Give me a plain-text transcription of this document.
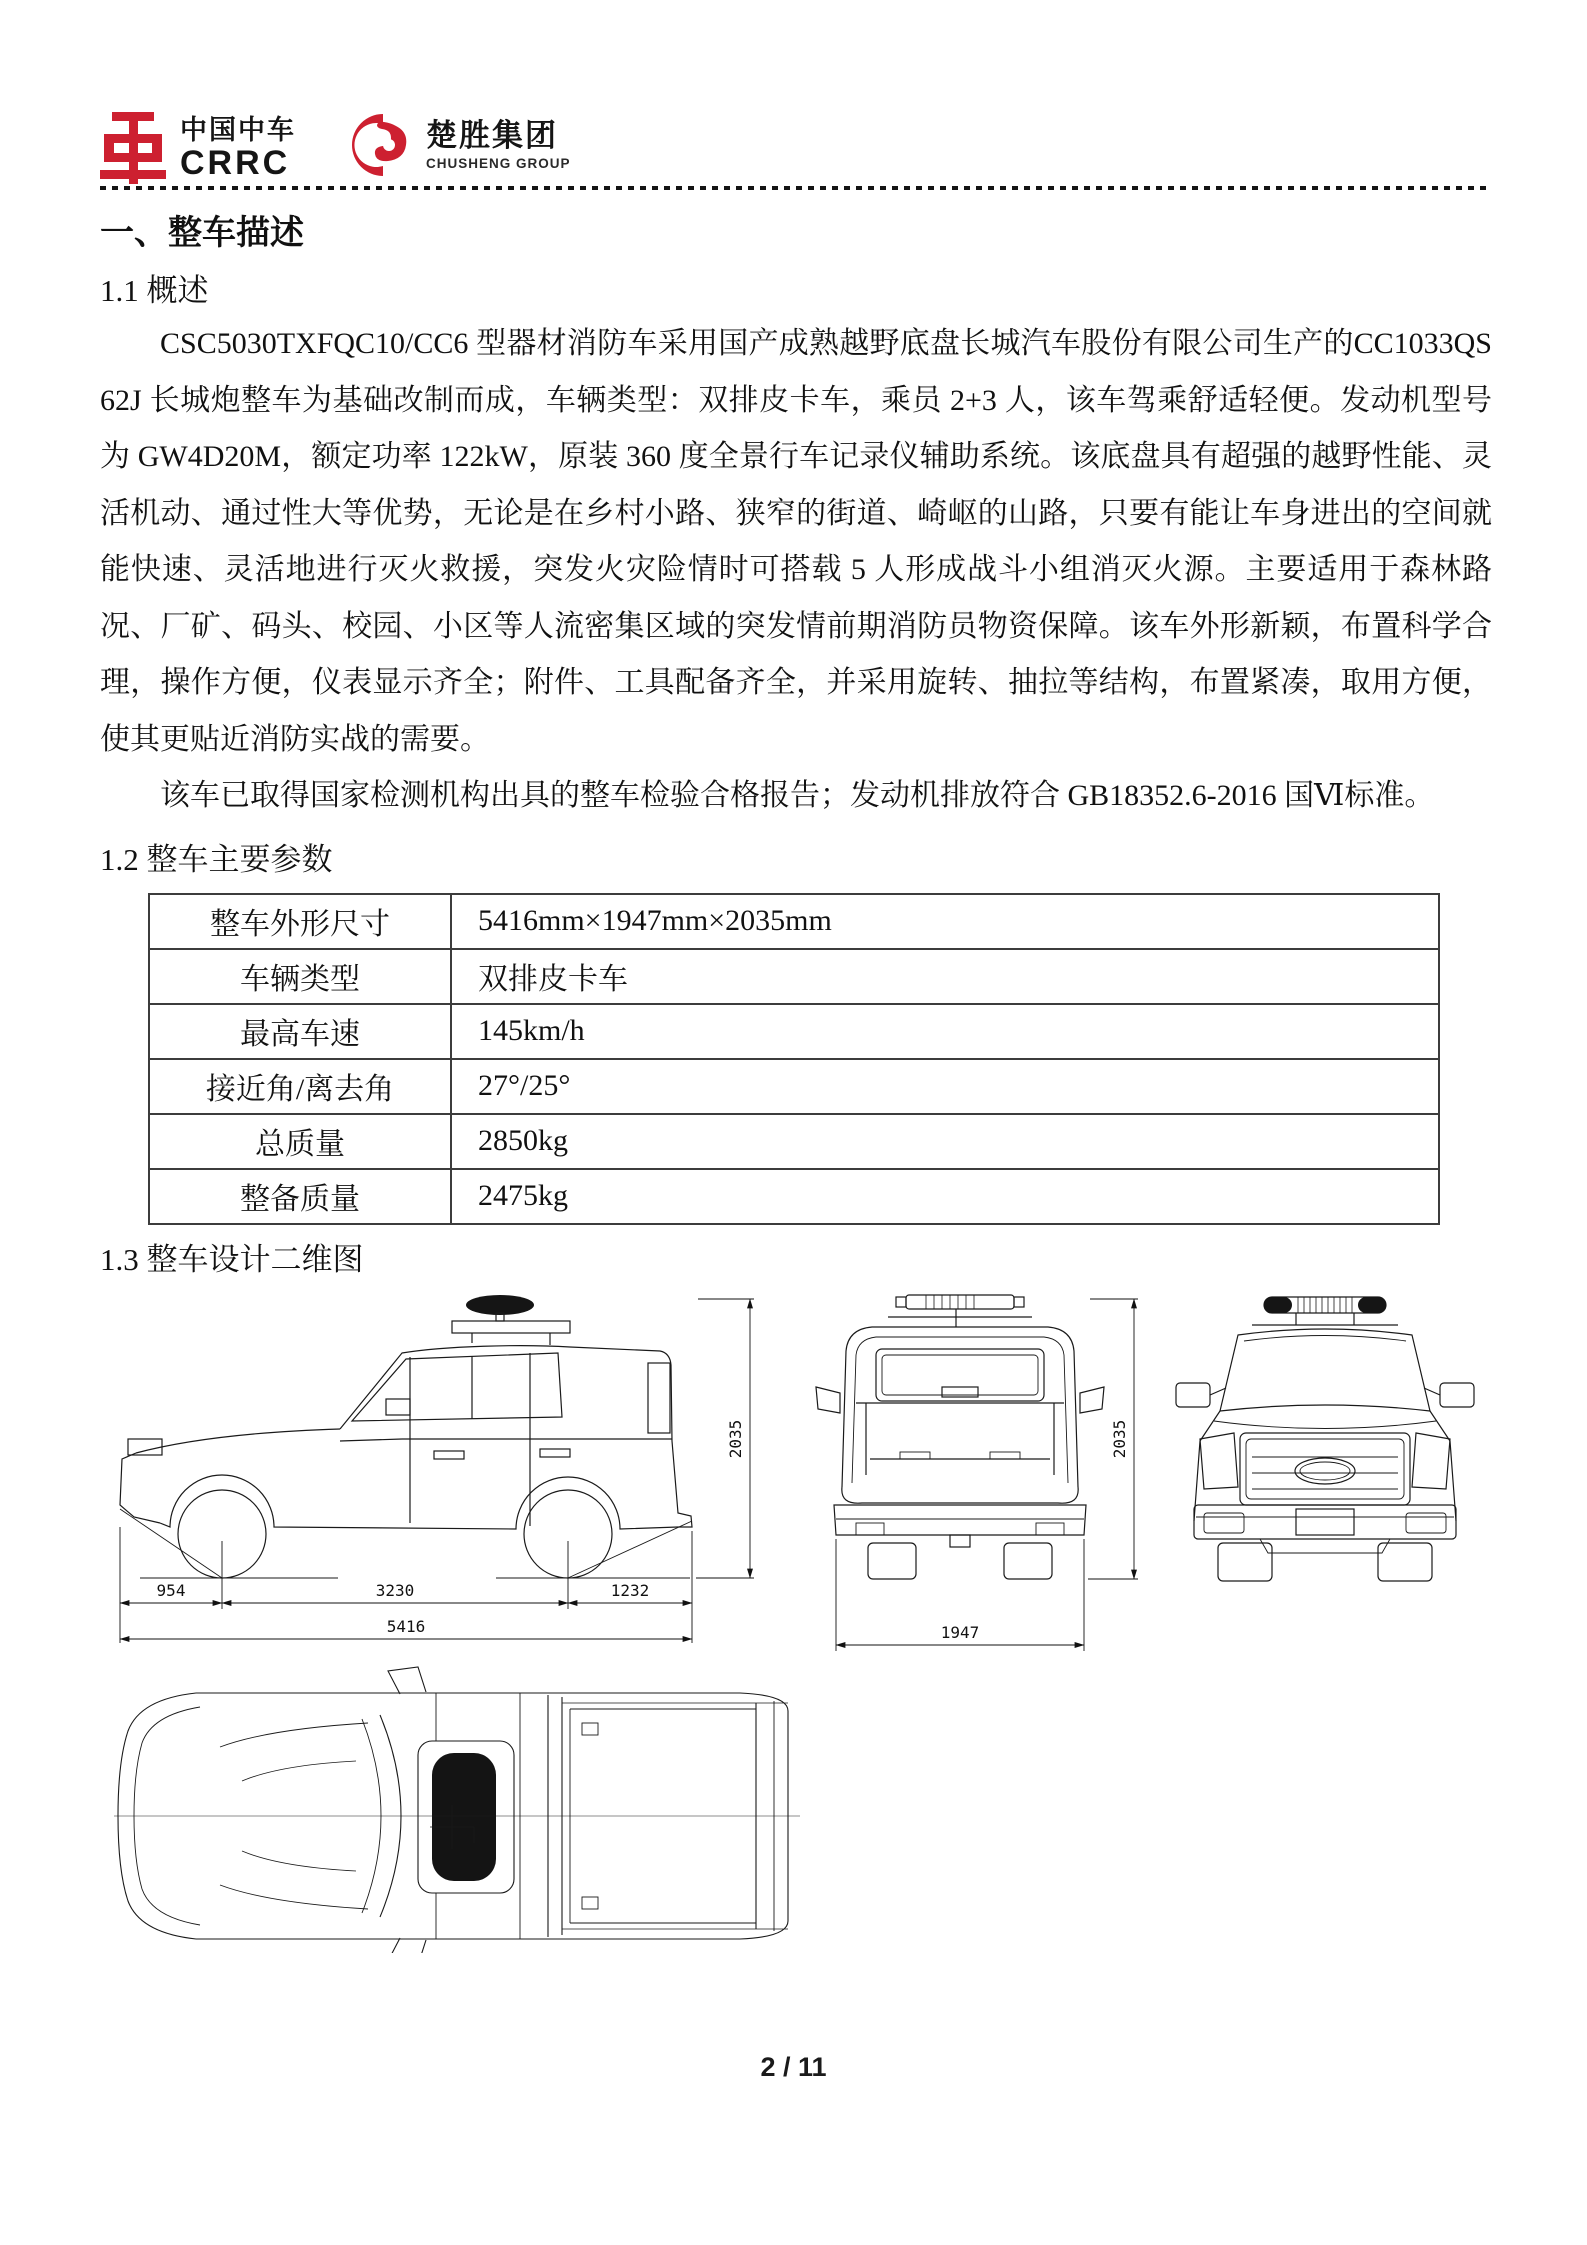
中国中车
CRRC
楚胜集团
CHUSHENG GROUP
一、整车描述
1.1 概述
CSC5030TXFQC10/CC6 型器材消防车采用国产成熟越野底盘长城汽车股份有限公司生产的CC1033QS62J 长城炮整车为基础改制而成，车辆类型：双排皮卡车，乘员 2+3 人，该车驾乘舒适轻便。发动机型号为 GW4D20M，额定功率 122kW，原装 360 度全景行车记录仪辅助系统。该底盘具有超强的越野性能、灵活机动、通过性大等优势，无论是在乡村小路、狭窄的街道、崎岖的山路，只要有能让车身进出的空间就能快速、灵活地进行灭火救援，突发火灾险情时可搭载 5 人形成战斗小组消灭火源。主要适用于森林路况、厂矿、码头、校园、小区等人流密集区域的突发情前期消防员物资保障。该车外形新颖，布置科学合理，操作方便，仪表显示齐全；附件、工具配备齐全，并采用旋转、抽拉等结构，布置紧凑，取用方便，使其更贴近消防实战的需要。
该车已取得国家检测机构出具的整车检验合格报告；发动机排放符合 GB18352.6-2016 国Ⅵ标准。
1.2 整车主要参数
整车外形尺寸	5416mm×1947mm×2035mm
车辆类型	双排皮卡车
最高车速	145km/h
接近角/离去角	27°/25°
总质量	2850kg
整备质量	2475kg
1.3 整车设计二维图
954	3230	1232
5416
2035
1947
2035
2 / 11
